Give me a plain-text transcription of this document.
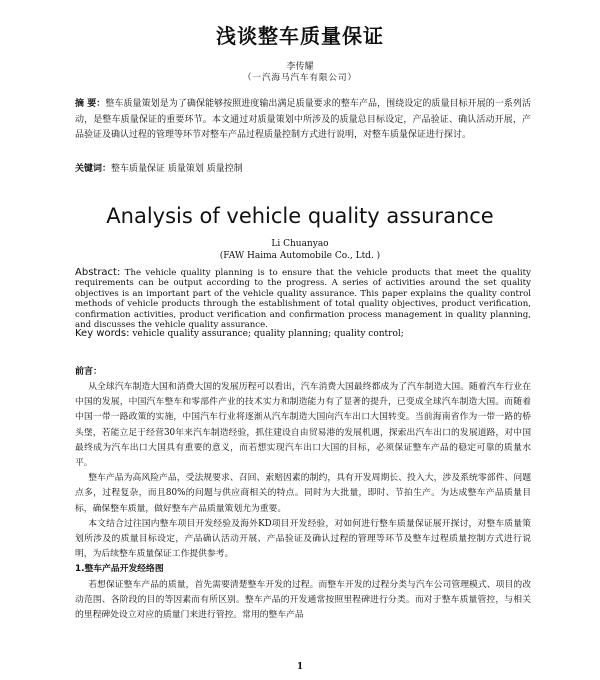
浅谈整车质量保证
李传耀
（一汽海马汽车有限公司）
摘 要：整车质量策划是为了确保能够按照进度输出满足质量要求的整车产品，围绕设定的质量目标开展的一系列活动，是整车质量保证的重要环节。本文通过对质量策划中所涉及的质量总目标设定，产品验证、确认活动开展，产品验证及确认过程的管理等环节对整车产品过程质量控制方式进行说明，对整车质量保证进行探讨。
关键词：整车质量保证 质量策划 质量控制
Analysis of vehicle quality assurance
Li Chuanyao
(FAW Haima Automobile Co., Ltd. )
Abstract: The vehicle quality planning is to ensure that the vehicle products that meet the quality requirements can be output according to the progress. A series of activities around the set quality objectives is an important part of the vehicle quality assurance. This paper explains the quality control methods of vehicle products through the establishment of total quality objectives, product verification, confirmation activities, product verification and confirmation process management in quality planning, and discusses the vehicle quality assurance.
Key words: vehicle quality assurance; quality planning; quality control;
前言：

从全球汽车制造大国和消费大国的发展历程可以看出，汽车消费大国最终都成为了汽车制造大国。随着汽车行业在中国的发展，中国汽车整车和零部件产业的技术实力和制造能力有了显著的提升，已变成全球汽车制造大国。而随着中国一带一路政策的实施，中国汽车行业将逐渐从汽车制造大国向汽车出口大国转变。当前海南省作为一带一路的桥头堡，若能立足于经营30年来汽车制造经验，抓住建设自由贸易港的发展机遇，探索出汽车出口的发展道路，对中国最终成为汽车出口大国具有重要的意义，而若想实现汽车出口大国的目标，必须保证整车产品的稳定可靠的质量水平。

整车产品为高风险产品，受法规要求、召回、索赔因素的制约，具有开发周期长、投入大，涉及系统零部件、问题点多，过程复杂，而且80%的问题与供应商相关的特点。同时为大批量，即时、节拍生产。为达成整车产品质量目标，确保整车质量，做好整车产品质量策划尤为重要。

本文结合过往国内整车项目开发经验及海外KD项目开发经验，对如何进行整车质量保证展开探讨，对整车质量策划所涉及的质量目标设定，产品确认活动开展、产品验证及确认过程的管理等环节及整车过程质量控制方式进行说明，为后续整车质量保证工作提供参考。

1.整车产品开发经络图

若想保证整车产品的质量，首先需要清楚整车开发的过程。而整车开发的过程分类与汽车公司管理模式、项目的改动范围、各阶段的目的等因素而有所区别。整车产品的开发通常按照里程碑进行分类。而对于整车质量管控，与相关的里程碑处设立对应的质量门来进行管控。常用的整车产品

1
